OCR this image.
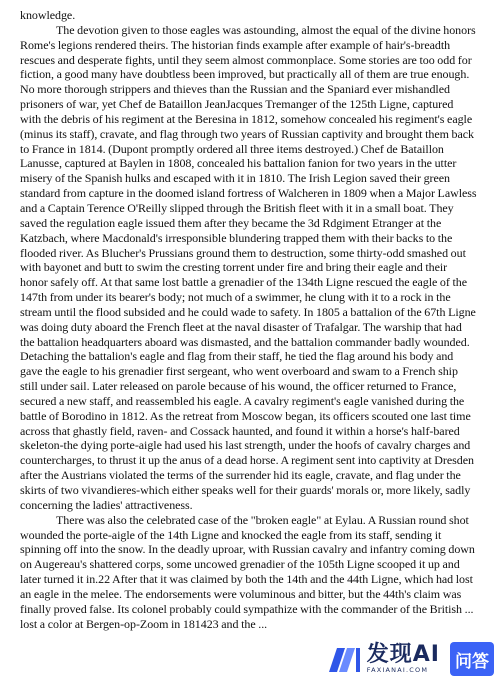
knowledge.

The devotion given to those eagles was astounding, almost the equal of the divine honors Rome's legions rendered theirs. The historian finds example after example of hair's-breadth rescues and desperate fights, until they seem almost commonplace. Some stories are too odd for fiction, a good many have doubtless been improved, but practically all of them are true enough. No more thorough strippers and thieves than the Russian and the Spaniard ever mishandled prisoners of war, yet Chef de Bataillon JeanJacques Tremanger of the 125th Ligne, captured with the debris of his regiment at the Beresina in 1812, somehow concealed his regiment's eagle (minus its staff), cravate, and flag through two years of Russian captivity and brought them back to France in 1814. (Dupont promptly ordered all three items destroyed.) Chef de Bataillon Lanusse, captured at Baylen in 1808, concealed his battalion fanion for two years in the utter misery of the Spanish hulks and escaped with it in 1810. The Irish Legion saved their green standard from capture in the doomed island fortress of Walcheren in 1809 when a Major Lawless and a Captain Terence O'Reilly slipped through the British fleet with it in a small boat. They saved the regulation eagle issued them after they became the 3d Rdgiment Etranger at the Katzbach, where Macdonald's irresponsible blundering trapped them with their backs to the flooded river. As Blucher's Prussians ground them to destruction, some thirty-odd smashed out with bayonet and butt to swim the cresting torrent under fire and bring their eagle and their honor safely off. At that same lost battle a grenadier of the 134th Ligne rescued the eagle of the 147th from under its bearer's body; not much of a swimmer, he clung with it to a rock in the stream until the flood subsided and he could wade to safety. In 1805 a battalion of the 67th Ligne was doing duty aboard the French fleet at the naval disaster of Trafalgar. The warship that had the battalion headquarters aboard was dismasted, and the battalion commander badly wounded. Detaching the battalion's eagle and flag from their staff, he tied the flag around his body and gave the eagle to his grenadier first sergeant, who went overboard and swam to a French ship still under sail. Later released on parole because of his wound, the officer returned to France, secured a new staff, and reassembled his eagle. A cavalry regiment's eagle vanished during the battle of Borodino in 1812. As the retreat from Moscow began, its officers scouted one last time across that ghastly field, raven- and Cossack haunted, and found it within a horse's half-bared skeleton-the dying porte-aigle had used his last strength, under the hoofs of cavalry charges and countercharges, to thrust it up the anus of a dead horse. A regiment sent into captivity at Dresden after the Austrians violated the terms of the surrender hid its eagle, cravate, and flag under the skirts of two vivandieres-which either speaks well for their guards' morals or, more likely, sadly concerning the ladies' attractiveness.

There was also the celebrated case of the "broken eagle" at Eylau. A Russian round shot wounded the porte-aigle of the 14th Ligne and knocked the eagle from its staff, sending it spinning off into the snow. In the deadly uproar, with Russian cavalry and infantry coming down on Augereau's shattered corps, some uncowed grenadier of the 105th Ligne scooped it up and later turned it in.22 After that it was claimed by both the 14th and the 44th Ligne, which had lost an eagle in the melee. The endorsements were voluminous and bitter, but the 44th's claim was finally proved false. Its colonel probably could sympathize with the commander of the British ... lost a color at Bergen-op-Zoom in 181423 and the ...

发现AI
FAXIANAI.COM 问答
